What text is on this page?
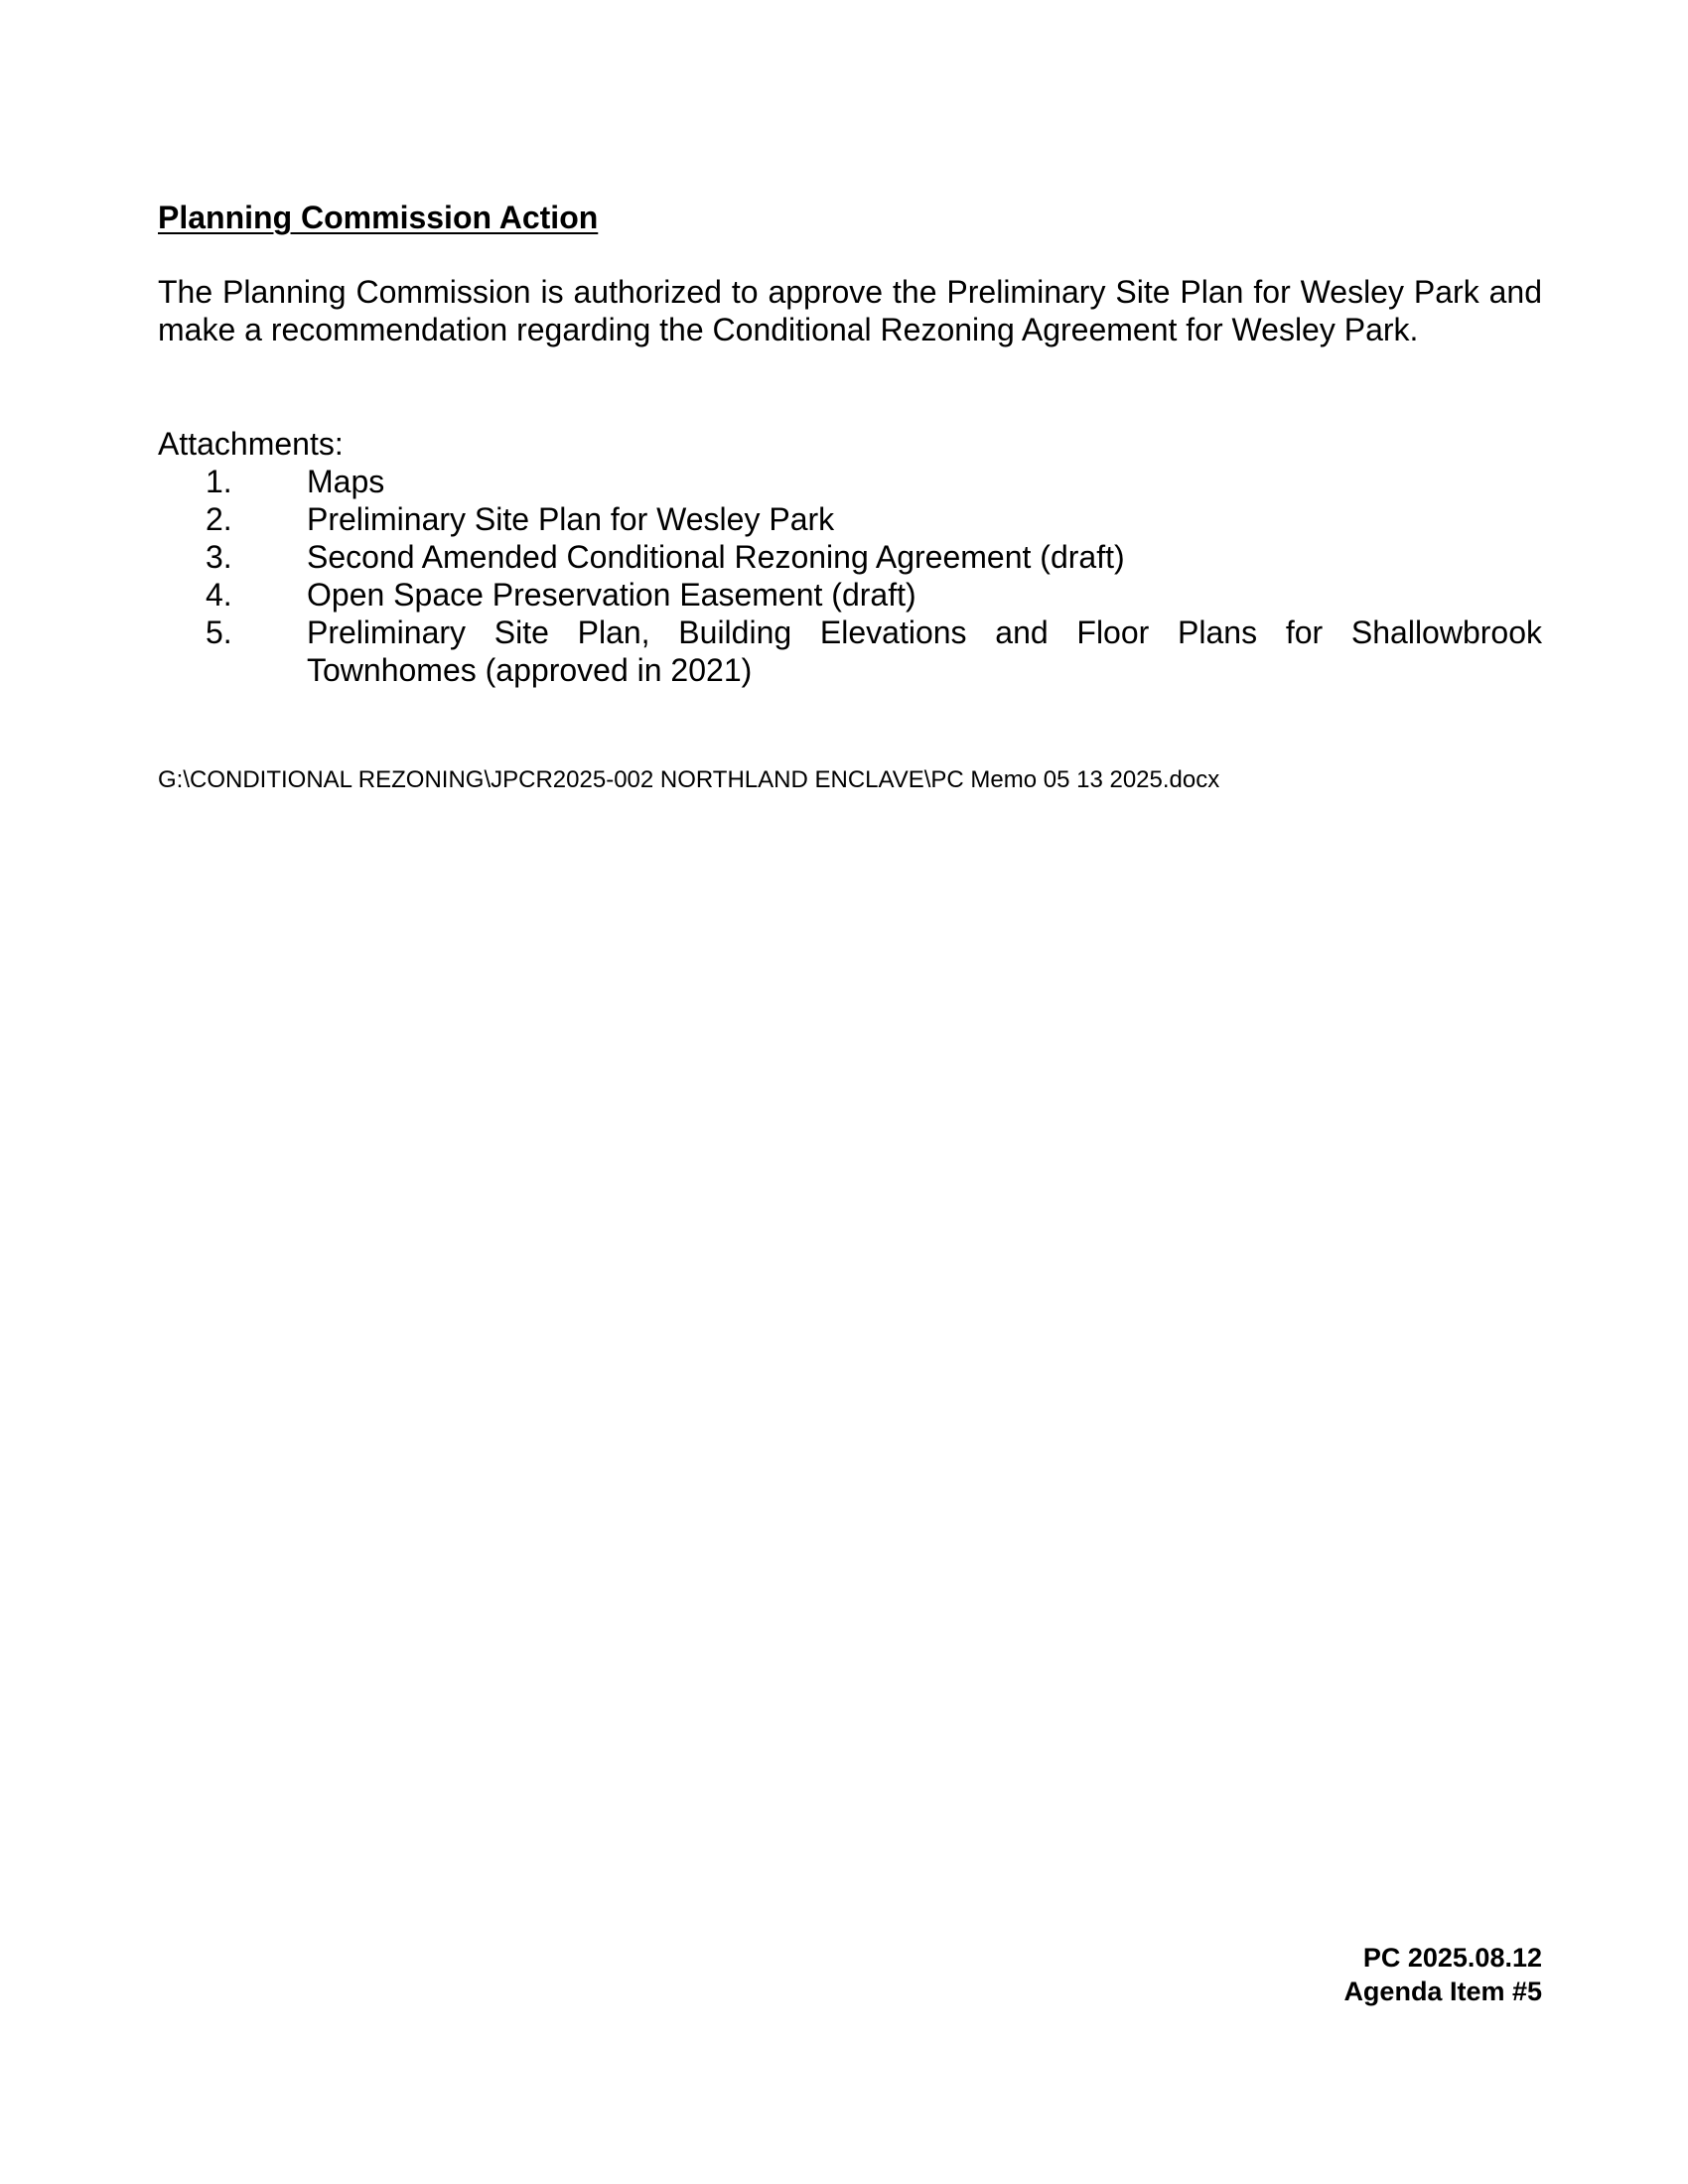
Planning Commission Action

The Planning Commission is authorized to approve the Preliminary Site Plan for Wesley Park and make a recommendation regarding the Conditional Rezoning Agreement for Wesley Park.

Attachments:
1.	Maps
2.	Preliminary Site Plan for Wesley Park
3.	Second Amended Conditional Rezoning Agreement (draft)
4.	Open Space Preservation Easement (draft)
5.	Preliminary Site Plan, Building Elevations and Floor Plans for Shallowbrook
Townhomes (approved in 2021)
G:\CONDITIONAL REZONING\JPCR2025-002 NORTHLAND ENCLAVE\PC Memo 05 13 2025.docx
PC 2025.08.12
Agenda Item #5
